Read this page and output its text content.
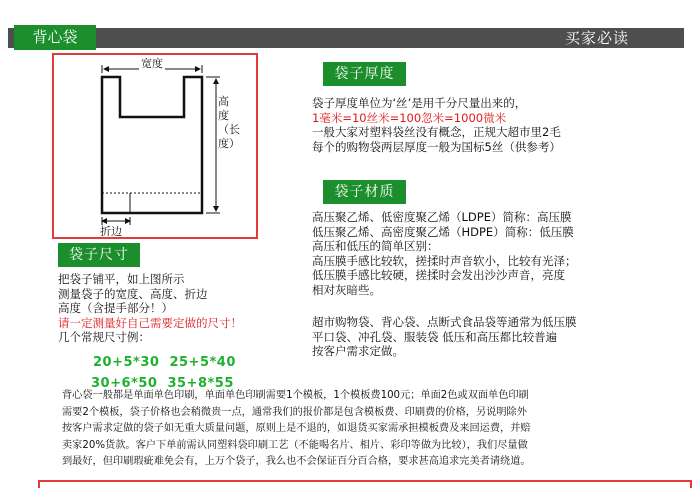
背心袋	买家必读
宽度
高度（长度）
折边
袋子厚度
袋子厚度单位为‘丝’是用千分尺量出来的，
1毫米=10丝米=100忽米=1000微米
一般大家对塑料袋丝没有概念，正规大超市里2毛
每个的购物袋两层厚度一般为国标5丝（供参考）
袋子材质
高压聚乙烯、低密度聚乙烯（LDPE）简称：高压膜
低压聚乙烯、高密度聚乙烯（HDPE）简称：低压膜
高压和低压的简单区别：
高压膜手感比较软，搓揉时声音软小，比较有光泽；
低压膜手感比较硬，搓揉时会发出沙沙声音，亮度
相对灰暗些。
超市购物袋、背心袋、点断式食品袋等通常为低压膜
平口袋、冲孔袋、服装袋 低压和高压都比较普遍
按客户需求定做。
袋子尺寸
把袋子铺平，如上图所示
测量袋子的宽度、高度、折边
高度（含提手部分！）
请一定测量好自己需要定做的尺寸！
几个常规尺寸例：
20+5*30  25+5*40
30+6*50  35+8*55
背心袋一般都是单面单色印刷，单面单色印刷需要1个模板，1个模板费100元；单面2色或双面单色印刷
需要2个模板，袋子价格也会稍微贵一点，通常我们的报价都是包含模板费、印刷费的价格，另说明除外
按客户需求定做的袋子如无重大质量问题，原则上是不退的，如退货买家需承担模板费及来回运费，并赔
卖家20%货款。客户下单前需认同塑料袋印刷工艺（不能喝名片、相片、彩印等做为比较），我们尽量做
到最好，但印刷瑕疵难免会有，上万个袋子，我么也不会保证百分百合格，要求甚高追求完美者请绕道。
